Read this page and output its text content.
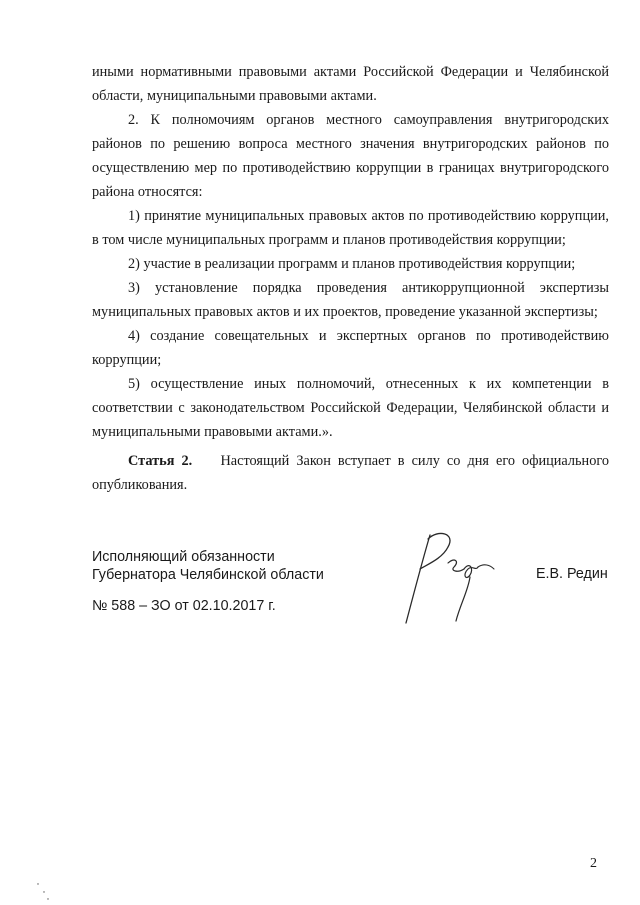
иными нормативными правовыми актами Российской Федерации и Челябинской области, муниципальными правовыми актами.

2. К полномочиям органов местного самоуправления внутригородских районов по решению вопроса местного значения внутригородских районов по осуществлению мер по противодействию коррупции в границах внутригородского района относятся:

1) принятие муниципальных правовых актов по противодействию коррупции, в том числе муниципальных программ и планов противодействия коррупции;

2) участие в реализации программ и планов противодействия коррупции;

3) установление порядка проведения антикоррупционной экспертизы муниципальных правовых актов и их проектов, проведение указанной экспертизы;

4) создание совещательных и экспертных органов по противодействию коррупции;

5) осуществление иных полномочий, отнесенных к их компетенции в соответствии с законодательством Российской Федерации, Челябинской области и муниципальными правовыми актами.».

Статья 2. Настоящий Закон вступает в силу со дня его официального опубликования.
Исполняющий обязанности
Губернатора Челябинской области	Е.В. Редин
№ 588 – ЗО от 02.10.2017 г.
2
